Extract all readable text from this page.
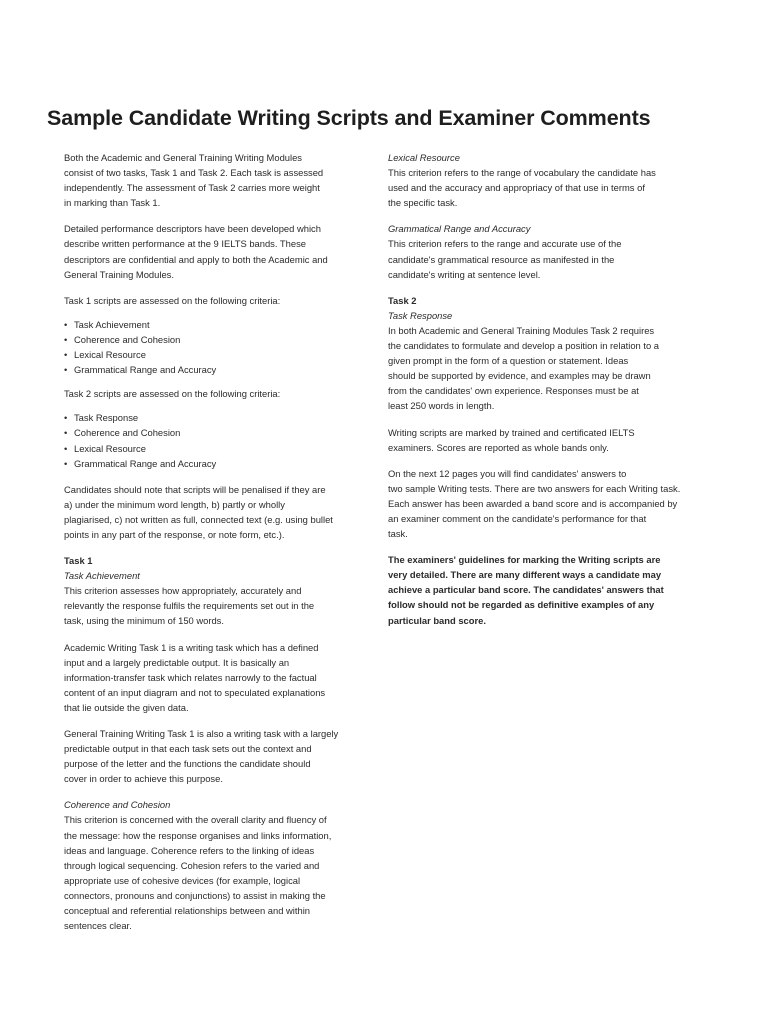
Sample Candidate Writing Scripts and Examiner Comments
Both the Academic and General Training Writing Modules
consist of two tasks, Task 1 and Task 2. Each task is assessed
independently. The assessment of Task 2 carries more weight
in marking than Task 1.
Detailed performance descriptors have been developed which
describe written performance at the 9 IELTS bands. These
descriptors are confidential and apply to both the Academic and
General Training Modules.
Task 1 scripts are assessed on the following criteria:
• Task Achievement
• Coherence and Cohesion
• Lexical Resource
• Grammatical Range and Accuracy
Task 2 scripts are assessed on the following criteria:
• Task Response
• Coherence and Cohesion
• Lexical Resource
• Grammatical Range and Accuracy
Candidates should note that scripts will be penalised if they are
a) under the minimum word length, b) partly or wholly
plagiarised, c) not written as full, connected text (e.g. using bullet
points in any part of the response, or note form, etc.).
Task 1
Task Achievement
This criterion assesses how appropriately, accurately and
relevantly the response fulfils the requirements set out in the
task, using the minimum of 150 words.
Academic Writing Task 1 is a writing task which has a defined
input and a largely predictable output. It is basically an
information-transfer task which relates narrowly to the factual
content of an input diagram and not to speculated explanations
that lie outside the given data.
General Training Writing Task 1 is also a writing task with a largely
predictable output in that each task sets out the context and
purpose of the letter and the functions the candidate should
cover in order to achieve this purpose.
Coherence and Cohesion
This criterion is concerned with the overall clarity and fluency of
the message: how the response organises and links information,
ideas and language. Coherence refers to the linking of ideas
through logical sequencing. Cohesion refers to the varied and
appropriate use of cohesive devices (for example, logical
connectors, pronouns and conjunctions) to assist in making the
conceptual and referential relationships between and within
sentences clear.
Lexical Resource
This criterion refers to the range of vocabulary the candidate has
used and the accuracy and appropriacy of that use in terms of
the specific task.
Grammatical Range and Accuracy
This criterion refers to the range and accurate use of the
candidate's grammatical resource as manifested in the
candidate's writing at sentence level.
Task 2
Task Response
In both Academic and General Training Modules Task 2 requires
the candidates to formulate and develop a position in relation to a
given prompt in the form of a question or statement. Ideas
should be supported by evidence, and examples may be drawn
from the candidates' own experience. Responses must be at
least 250 words in length.
Writing scripts are marked by trained and certificated IELTS
examiners. Scores are reported as whole bands only.
On the next 12 pages you will find candidates' answers to
two sample Writing tests. There are two answers for each Writing task.
Each answer has been awarded a band score and is accompanied by
an examiner comment on the candidate's performance for that
task.
The examiners' guidelines for marking the Writing scripts are
very detailed. There are many different ways a candidate may
achieve a particular band score. The candidates' answers that
follow should not be regarded as definitive examples of any
particular band score.
